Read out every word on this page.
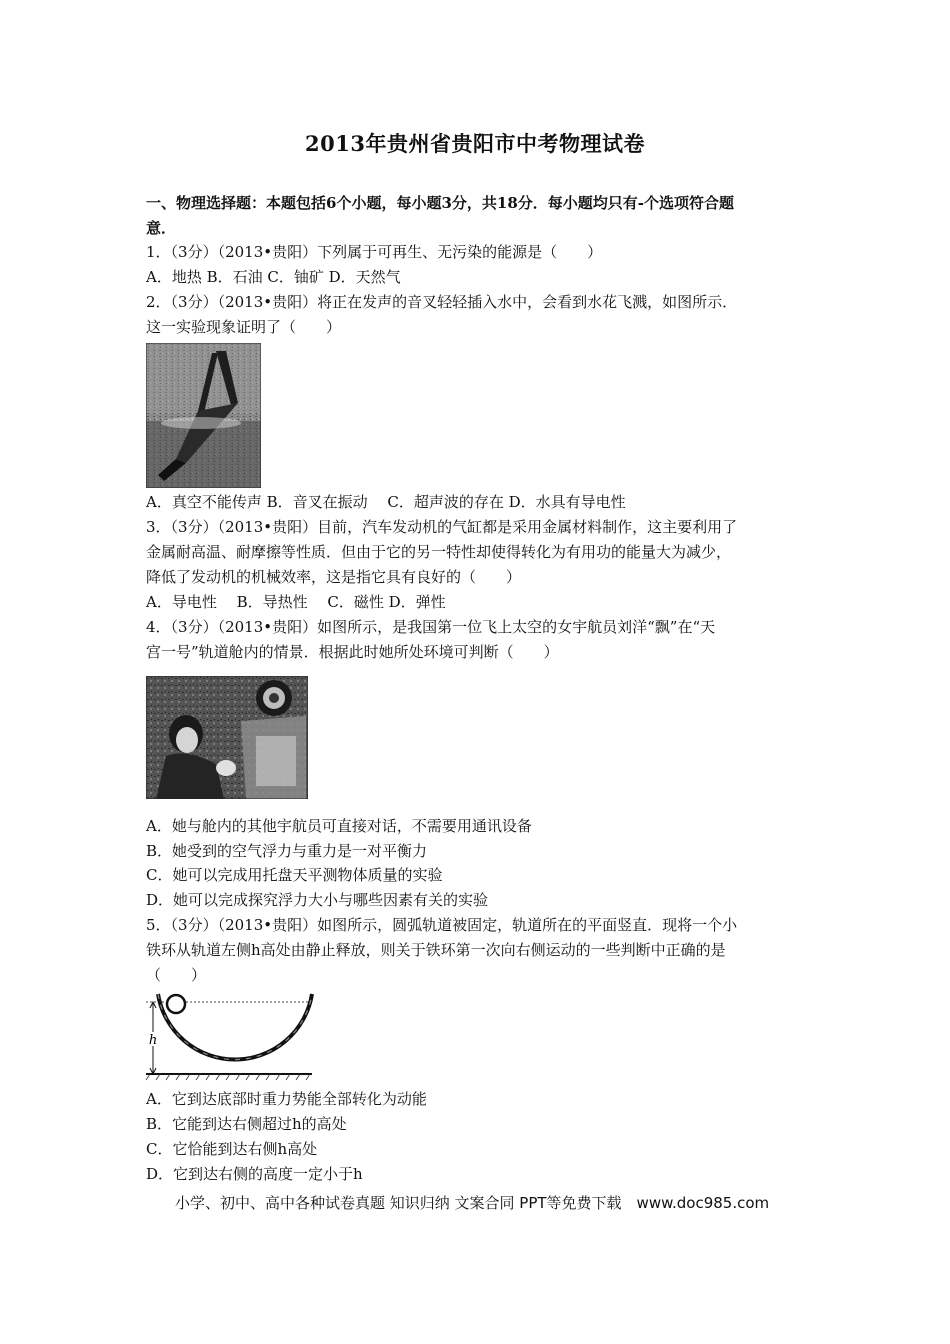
2013年贵州省贵阳市中考物理试卷
一、物理选择题：本题包括6个小题，每小题3分，共18分．每小题均只有-个选项符合题
意．
1．（3分）（2013•贵阳）下列属于可再生、无污染的能源是（　　）
A．地热 B．石油 C．铀矿 D．天然气
2．（3分）（2013•贵阳）将正在发声的音叉轻轻插入水中，会看到水花飞溅，如图所示．
这一实验现象证明了（　　）
A．真空不能传声 B．音叉在振动　 C．超声波的存在 D．水具有导电性
3．（3分）（2013•贵阳）目前，汽车发动机的气缸都是采用金属材料制作，这主要利用了
金属耐高温、耐摩擦等性质．但由于它的另一特性却使得转化为有用功的能量大为减少，
降低了发动机的机械效率，这是指它具有良好的（　　）
A．导电性　 B．导热性　 C．磁性 D．弹性
4．（3分）（2013•贵阳）如图所示，是我国第一位飞上太空的女宇航员刘洋“飘”在“天
宫一号”轨道舱内的情景．根据此时她所处环境可判断（　　）
A．她与舱内的其他宇航员可直接对话，不需要用通讯设备
B．她受到的空气浮力与重力是一对平衡力
C．她可以完成用托盘天平测物体质量的实验
D．她可以完成探究浮力大小与哪些因素有关的实验
5．（3分）（2013•贵阳）如图所示，圆弧轨道被固定，轨道所在的平面竖直．现将一个小
铁环从轨道左侧h高处由静止释放，则关于铁环第一次向右侧运动的一些判断中正确的是
（　　）
h
A．它到达底部时重力势能全部转化为动能
B．它能到达右侧超过h的高处
C．它恰能到达右侧h高处
D．它到达右侧的高度一定小于h
小学、初中、高中各种试卷真题 知识归纳 文案合同 PPT等免费下载　www.doc985.com
